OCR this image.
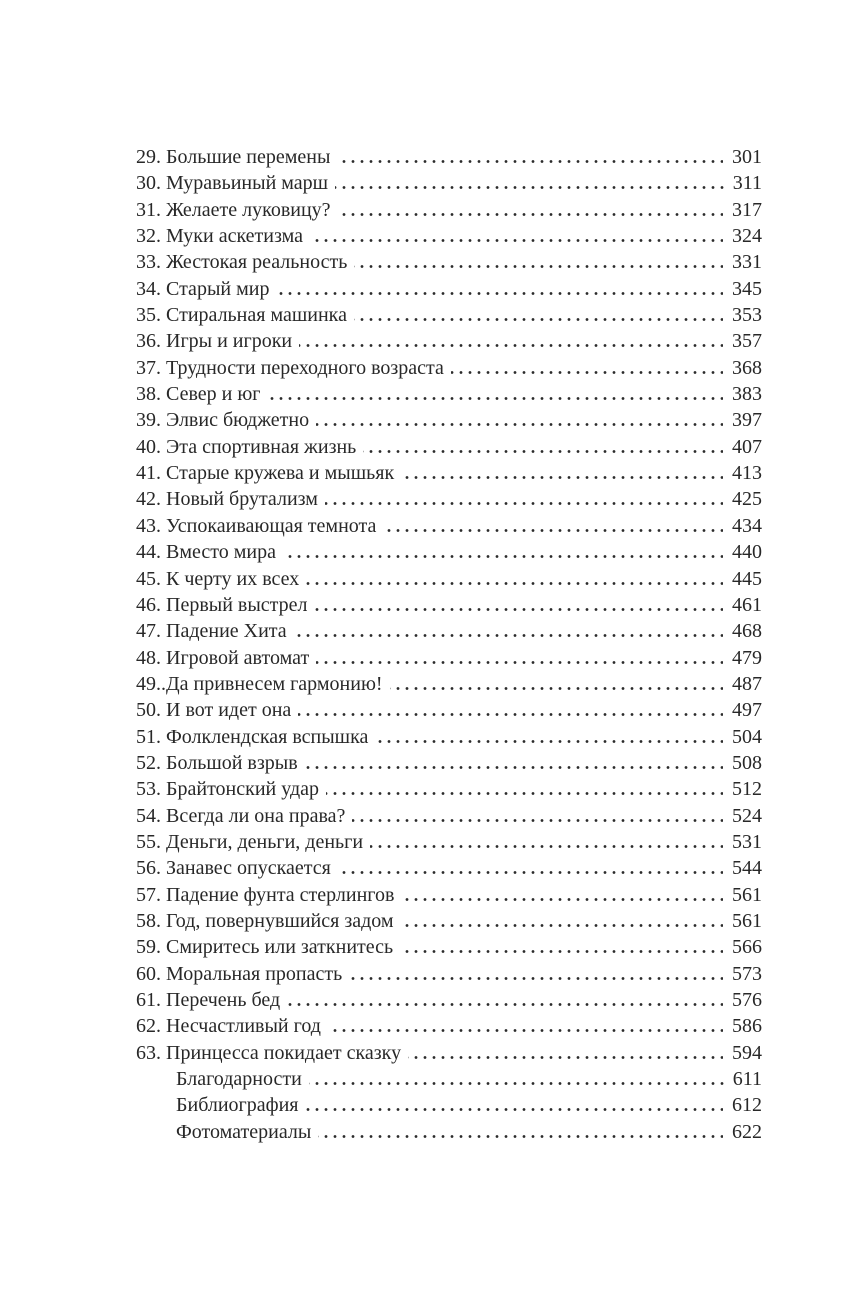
29. Большие перемены	301
30. Муравьиный марш	311
31. Желаете луковицу?	317
32. Муки аскетизма	324
33. Жестокая реальность	331
34. Старый мир	345
35. Стиральная машинка	353
36. Игры и игроки	357
37. Трудности переходного возраста	368
38. Север и юг	383
39. Элвис бюджетно	397
40. Эта спортивная жизнь	407
41. Старые кружева и мышьяк	413
42. Новый брутализм	425
43. Успокаивающая темнота	434
44. Вместо мира	440
45. К черту их всех	445
46. Первый выстрел	461
47. Падение Хита	468
48. Игровой автомат	479
49..Да привнесем гармонию!	487
50. И вот идет она	497
51. Фолклендская вспышка	504
52. Большой взрыв	508
53. Брайтонский удар	512
54. Всегда ли она права?	524
55. Деньги, деньги, деньги	531
56. Занавес опускается	544
57. Падение фунта стерлингов	561
58. Год, повернувшийся задом	561
59. Смиритесь или заткнитесь	566
60. Моральная пропасть	573
61. Перечень бед	576
62. Несчастливый год	586
63. Принцесса покидает сказку	594
Благодарности	611
Библиография	612
Фотоматериалы	622
